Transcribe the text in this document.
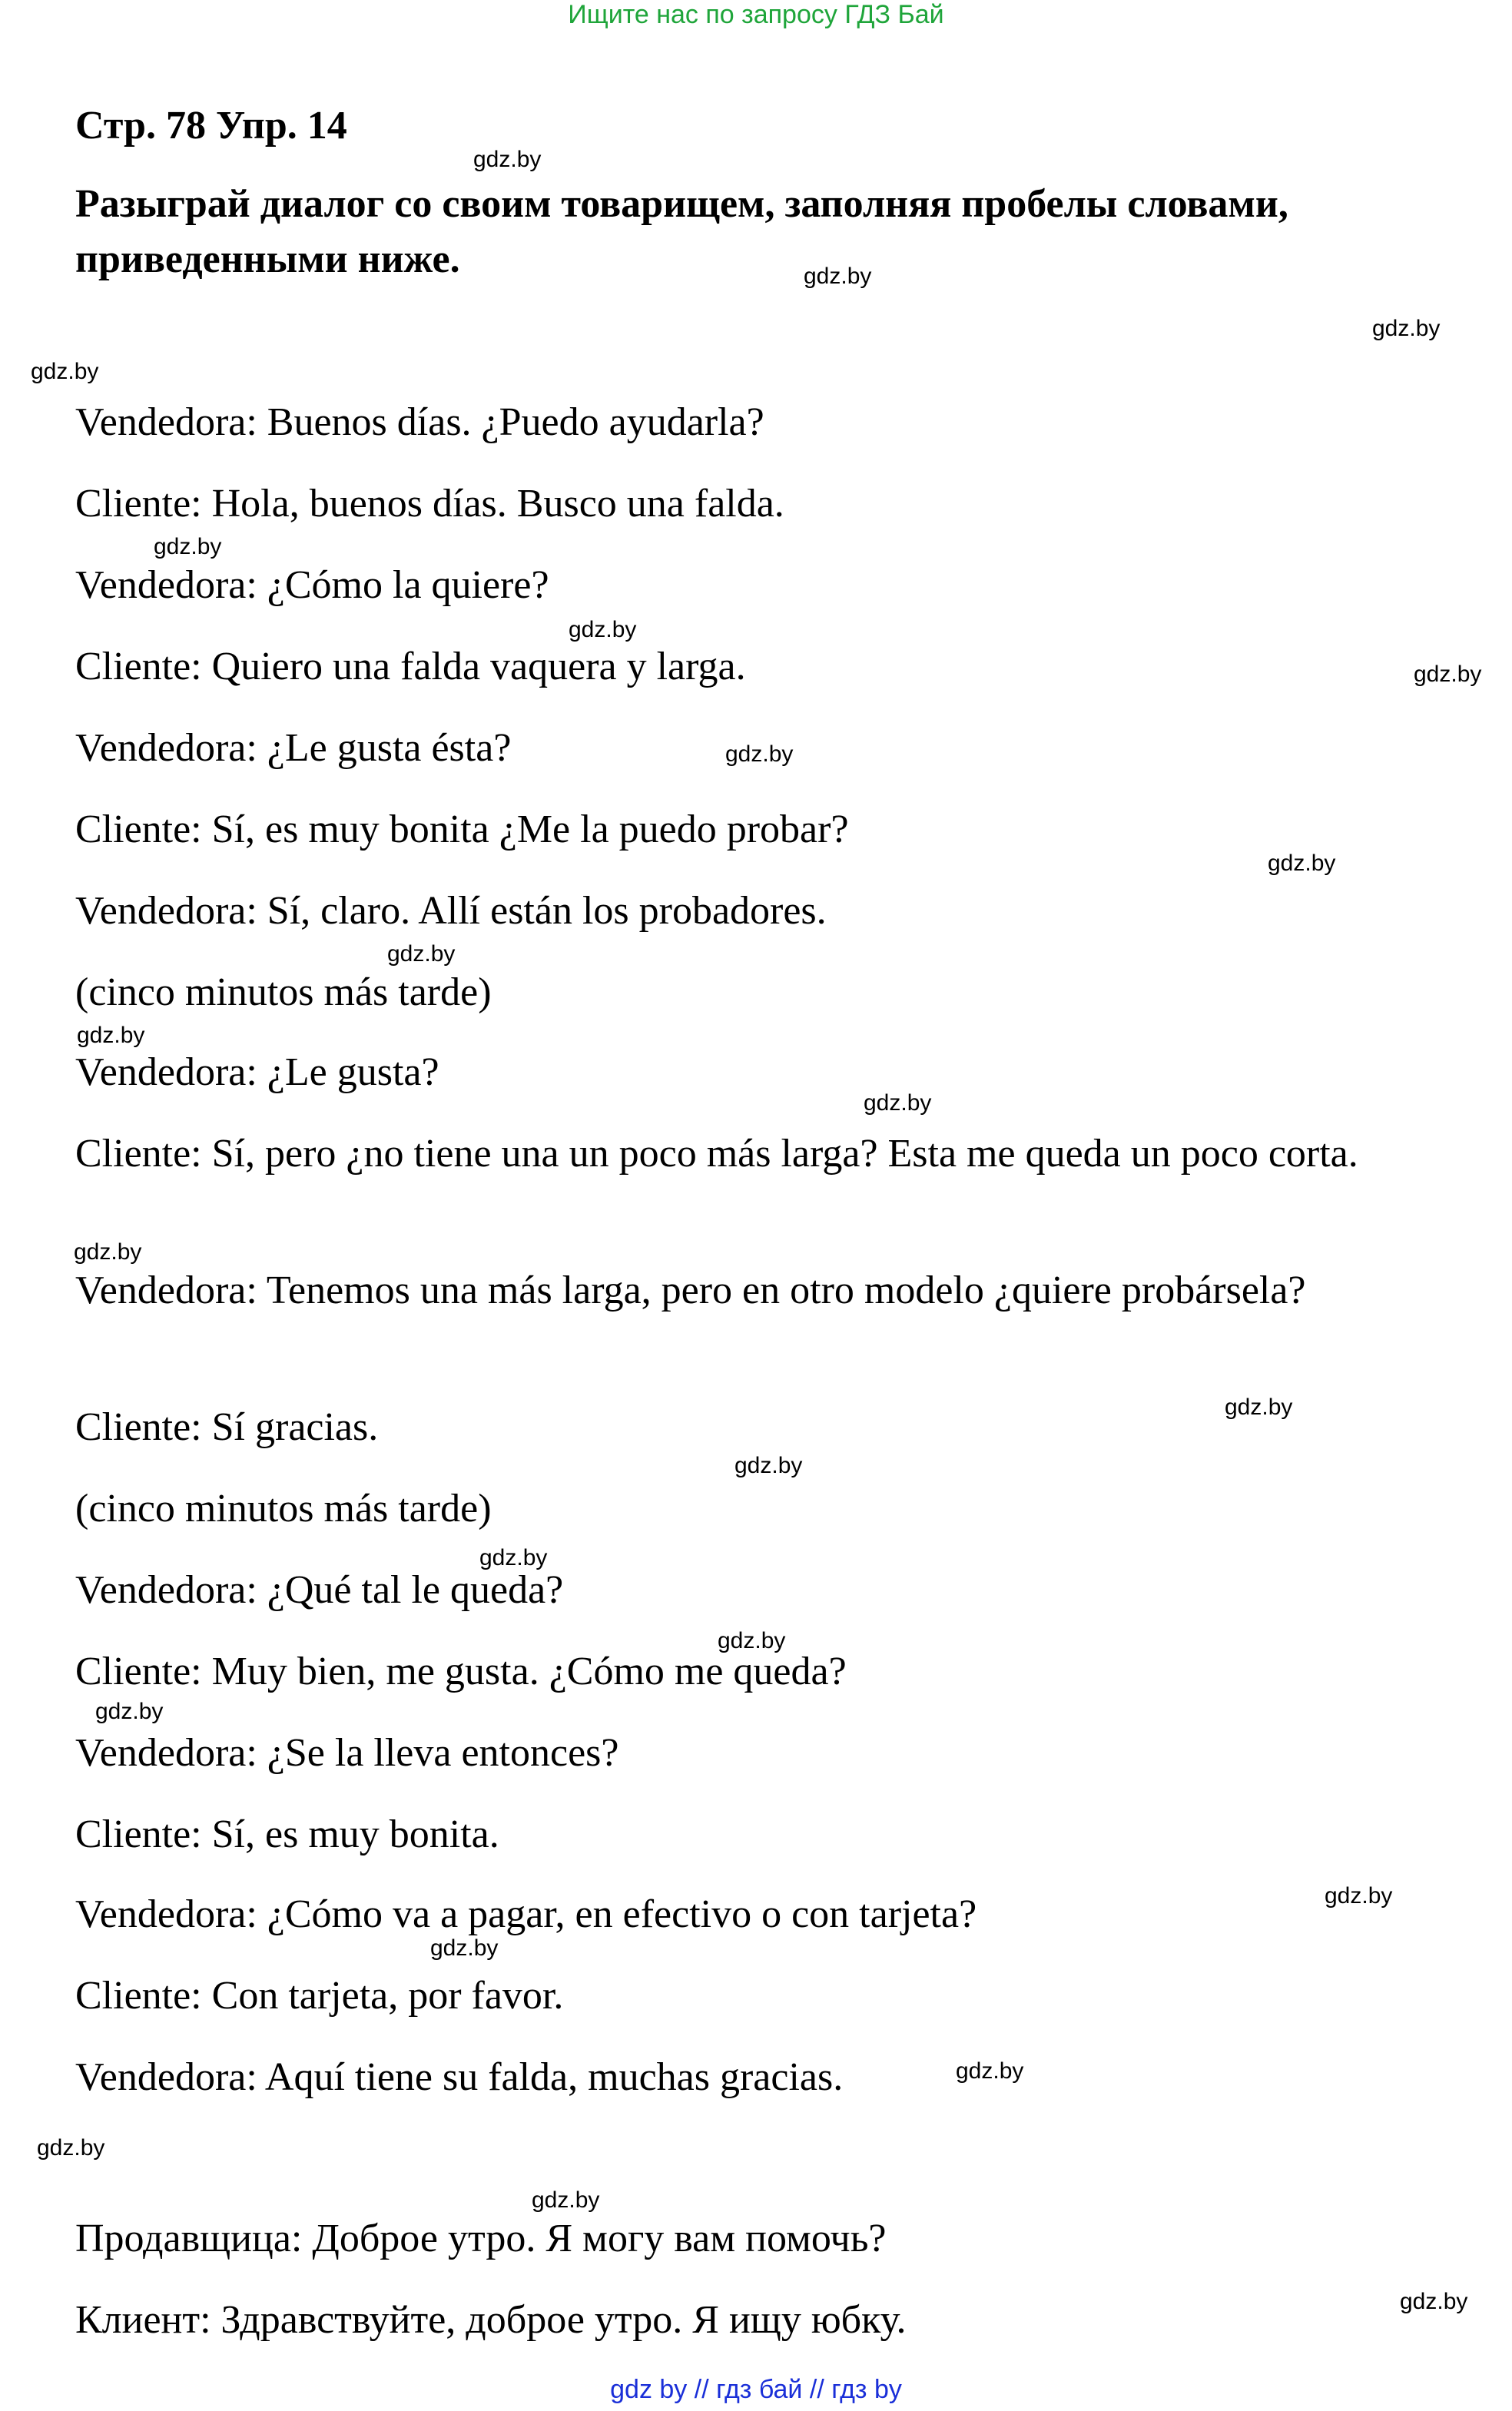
Ищите нас по запросу ГДЗ Бай
Стр. 78 Упр. 14

Разыграй диалог со своим товарищем, заполняя пробелы словами, приведенными ниже.

Vendedora: Buenos días. ¿Puedo ayudarla?

Cliente: Hola, buenos días. Busco una falda.

Vendedora: ¿Cómo la quiere?

Cliente: Quiero una falda vaquera y larga.

Vendedora: ¿Le gusta ésta?

Cliente: Sí, es muy bonita ¿Me la puedo probar?

Vendedora: Sí, claro. Allí están los probadores.

(cinco minutos más tarde)

Vendedora: ¿Le gusta?

Cliente: Sí, pero ¿no tiene una un poco más larga? Esta me queda un poco corta.

Vendedora: Tenemos una más larga, pero en otro modelo ¿quiere probársela?

Cliente: Sí gracias.

(cinco minutos más tarde)

Vendedora: ¿Qué tal le queda?

Cliente: Muy bien, me gusta. ¿Cómo me queda?

Vendedora: ¿Se la lleva entonces?

Cliente: Sí, es muy bonita.

Vendedora: ¿Cómo va a pagar, en efectivo o con tarjeta?

Cliente: Con tarjeta, por favor.

Vendedora: Aquí tiene su falda, muchas gracias.

Продавщица: Доброе утро. Я могу вам помочь?

Клиент: Здравствуйте, доброе утро. Я ищу юбку.

gdz.by
gdz.by
gdz.by
gdz.by
gdz.by
gdz.by
gdz.by
gdz.by
gdz.by
gdz.by
gdz.by
gdz.by
gdz.by
gdz.by
gdz.by
gdz.by
gdz.by
gdz.by
gdz.by
gdz.by
gdz.by
gdz.by
gdz.by
gdz.by
gdz by // гдз бай // гдз by
